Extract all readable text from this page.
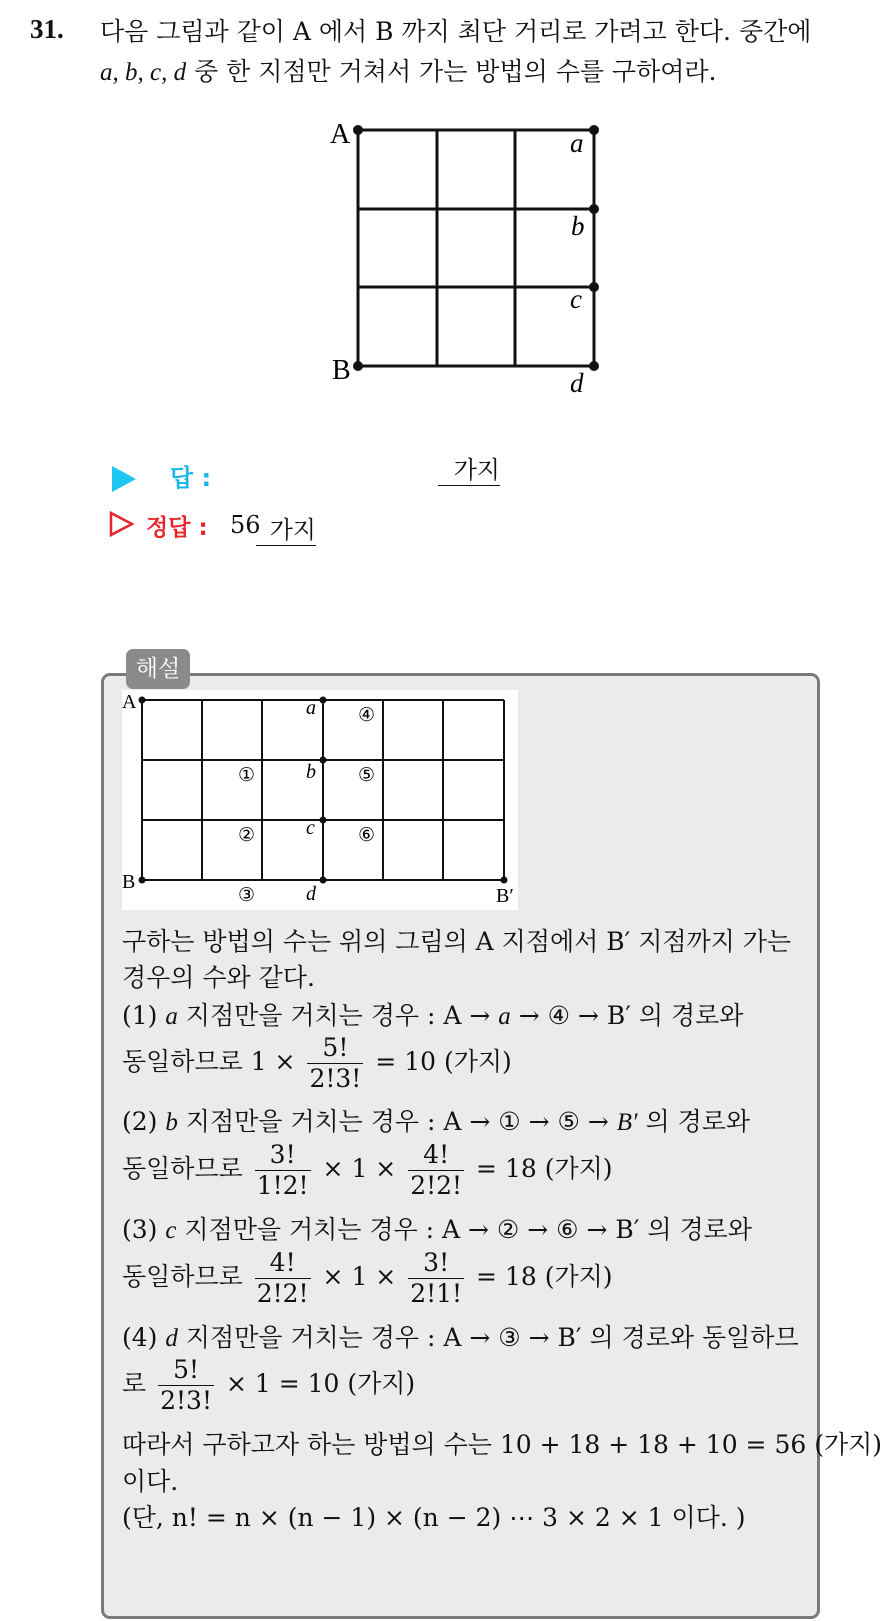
31. 다음 그림과 같이 A 에서 B 까지 최단 거리로 가려고 한다. 중간에
a, b, c, d 중 한 지점만 거쳐서 가는 방법의 수를 구하여라.
A
B
a
b
c
d
답 :	가지
정답 : 56 가지
해설
A
B
B′
a
b
c
d
①
②
③
④
⑤
⑥
구하는 방법의 수는 위의 그림의 A 지점에서 B′ 지점까지 가는
경우의 수와 같다.
(1) a 지점만을 거치는 경우 : A → a → ④ → B′ 의 경로와
동일하므로 $1 \times \frac{5!}{2!3!} = 10$ (가지)
(2) b 지점만을 거치는 경우 : A → ① → ⑤ → B′ 의 경로와
동일하므로 $\frac{3!}{1!2!} \times 1 \times \frac{4!}{2!2!} = 18$ (가지)
(3) c 지점만을 거치는 경우 : A → ② → ⑥ → B′ 의 경로와
동일하므로 $\frac{4!}{2!2!} \times 1 \times \frac{3!}{2!1!} = 18$ (가지)
(4) d 지점만을 거치는 경우 : A → ③ → B′ 의 경로와 동일하므
로 $\frac{5!}{2!3!} \times 1 = 10$ (가지)
따라서 구하고자 하는 방법의 수는 10 + 18 + 18 + 10 = 56 (가지)
이다.
(단, n! = n × (n − 1) × (n − 2) ⋯ 3 × 2 × 1 이다. )
